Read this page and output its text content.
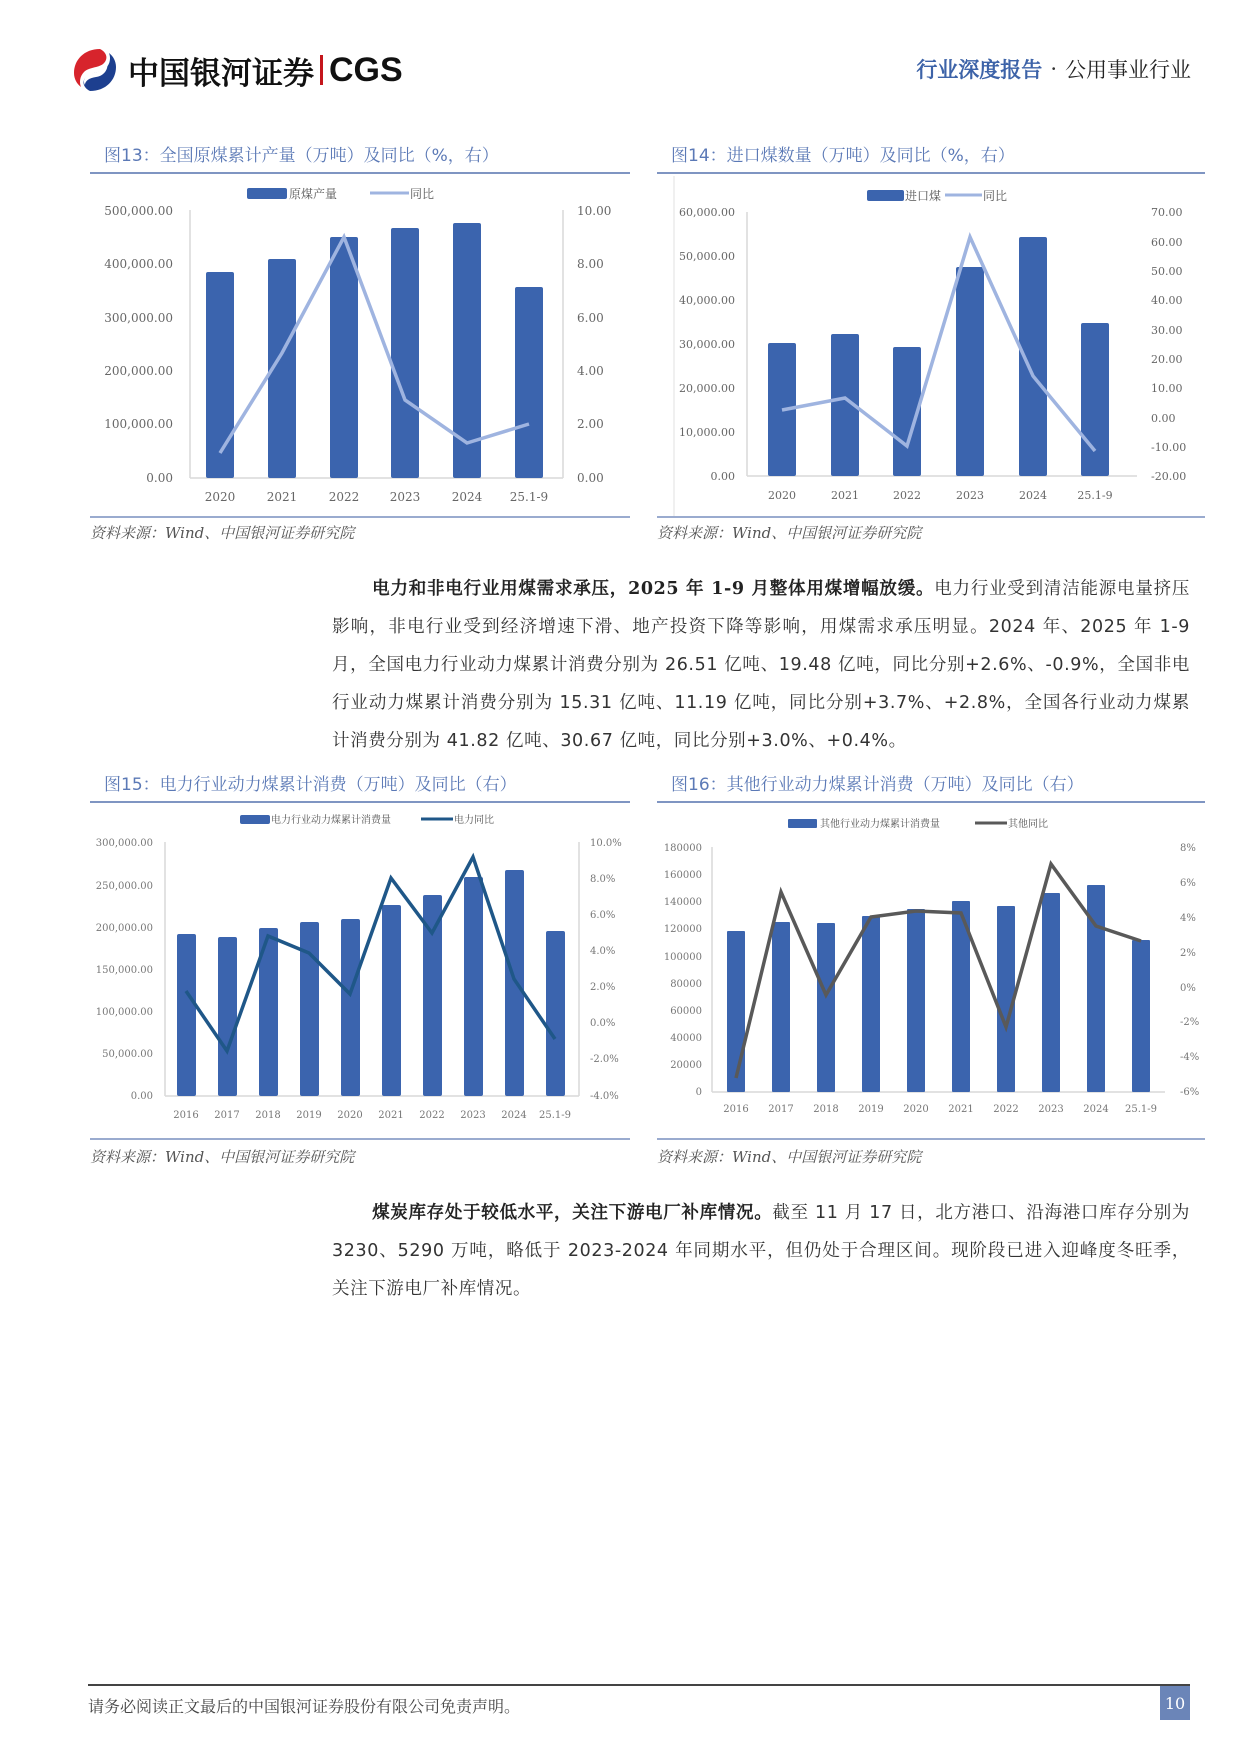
中国银河证券 CGS	行业深度报告 · 公用事业行业
图13：全国原煤累计产量（万吨）及同比（%，右）
原煤产量	同比
500,000.00
400,000.00
300,000.00
200,000.00
100,000.00
0.00
10.00
8.00
6.00
4.00
2.00
0.00
2020	2021	2022	2023	2024 25.1-9
资料来源：Wind、中国银河证券研究院
图14：进口煤数量（万吨）及同比（%，右）
进口煤	同比
60,000.00
50,000.00
40,000.00
30,000.00
20,000.00
10,000.00
0.00
70.00
60.00
50.00
40.00
30.00
20.00
10.00
0.00
-10.00
-20.00
2020	2021	2022	2023	2024	25.1-9
资料来源：Wind、中国银河证券研究院
电力和非电行业用煤需求承压，2025 年 1-9 月整体用煤增幅放缓。电力行业受到清洁能源电量挤压影响，非电行业受到经济增速下滑、地产投资下降等影响，用煤需求承压明显。2024 年、2025 年 1-9 月，全国电力行业动力煤累计消费分别为 26.51 亿吨、19.48 亿吨，同比分别+2.6%、-0.9%，全国非电行业动力煤累计消费分别为 15.31 亿吨、11.19 亿吨，同比分别+3.7%、+2.8%，全国各行业动力煤累计消费分别为 41.82 亿吨、30.67 亿吨，同比分别+3.0%、+0.4%。
图15：电力行业动力煤累计消费（万吨）及同比（右）
电力行业动力煤累计消费量	电力同比
300,000.00
250,000.00
200,000.00
150,000.00
100,000.00
50,000.00
0.00
10.0%
8.0%
6.0%
4.0%
2.0%
0.0%
-2.0%
-4.0%
2016 2017 2018 2019 2020 2021 2022 2023 2024 25.1-9
资料来源：Wind、中国银河证券研究院
图16：其他行业动力煤累计消费（万吨）及同比（右）
其他行业动力煤累计消费量	其他同比
180000
160000
140000
120000
100000
80000
60000
40000
20000
0
8%
6%
4%
2%
0%
-2%
-4%
-6%
2016 2017 2018 2019 2020 2021 2022 2023 2024 25.1-9
资料来源：Wind、中国银河证券研究院
煤炭库存处于较低水平，关注下游电厂补库情况。截至 11 月 17 日，北方港口、沿海港口库存分别为 3230、5290 万吨，略低于 2023-2024 年同期水平，但仍处于合理区间。现阶段已进入迎峰度冬旺季，关注下游电厂补库情况。
请务必阅读正文最后的中国银河证券股份有限公司免责声明。	10
